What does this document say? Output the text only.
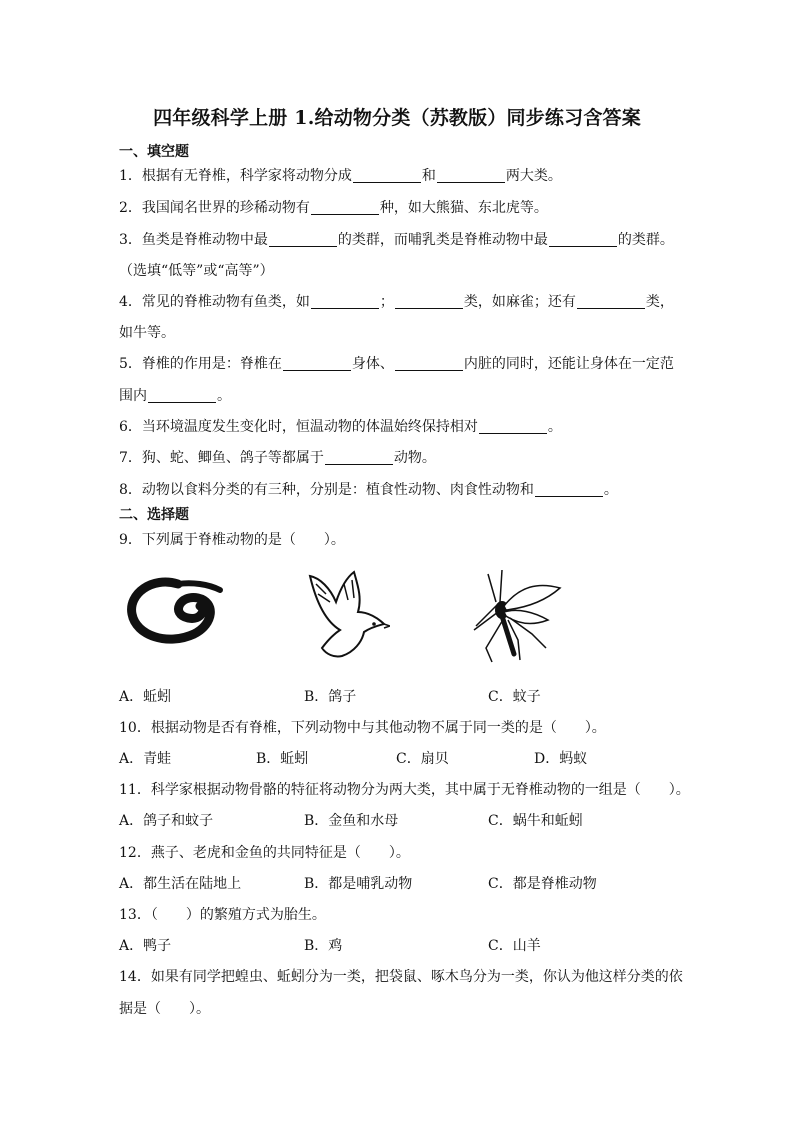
四年级科学上册 1.给动物分类（苏教版）同步练习含答案
一、填空题
1．根据有无脊椎，科学家将动物分成	和	两大类。
2．我国闻名世界的珍稀动物有	种，如大熊猫、东北虎等。
3．鱼类是脊椎动物中最	的类群，而哺乳类是脊椎动物中最	的类群。
（选填“低等”或“高等”）
4．常见的脊椎动物有鱼类，如	；	类，如麻雀；还有	类，
如牛等。
5．脊椎的作用是：脊椎在	身体、	内脏的同时，还能让身体在一定范
围内	。
6．当环境温度发生变化时，恒温动物的体温始终保持相对	。
7．狗、蛇、鲫鱼、鸽子等都属于	动物。
8．动物以食料分类的有三种，分别是：植食性动物、肉食性动物和	。
二、选择题
9．下列属于脊椎动物的是（　　）。
A．蚯蚓	B．鸽子	C．蚊子
10．根据动物是否有脊椎，下列动物中与其他动物不属于同一类的是（　　）。
A．青蛙	B．蚯蚓	C．扇贝	D．蚂蚁
11．科学家根据动物骨骼的特征将动物分为两大类，其中属于无脊椎动物的一组是（　　）。
A．鸽子和蚊子	B．金鱼和水母	C．蜗牛和蚯蚓
12．燕子、老虎和金鱼的共同特征是（　　）。
A．都生活在陆地上	B．都是哺乳动物	C．都是脊椎动物
13．（　　）的繁殖方式为胎生。
A．鸭子	B．鸡	C．山羊
14．如果有同学把蝗虫、蚯蚓分为一类，把袋鼠、啄木鸟分为一类，你认为他这样分类的依
据是（　　）。
